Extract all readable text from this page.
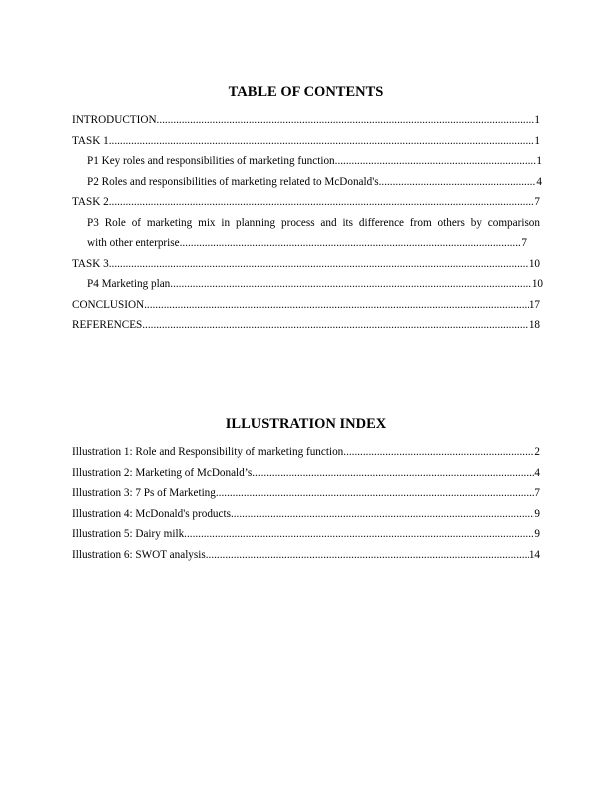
TABLE OF CONTENTS
INTRODUCTION .....	1
TASK 1 .....	1
P1 Key roles and responsibilities of marketing function .....	1
P2 Roles and responsibilities of marketing related to McDonald's .....	4
TASK 2 .....	7
P3 Role of marketing mix in planning process and its difference from others by comparison
with other enterprise .....	7
TASK 3 .....	10
P4 Marketing plan .....	10
CONCLUSION .....	17
REFERENCES .....	18
ILLUSTRATION INDEX
Illustration 1: Role and Responsibility of marketing function .....	2
Illustration 2: Marketing of McDonald’s .....	4
Illustration 3: 7 Ps of Marketing .....	7
Illustration 4: McDonald's products .....	9
Illustration 5: Dairy milk .....	9
Illustration 6: SWOT analysis .....	14
